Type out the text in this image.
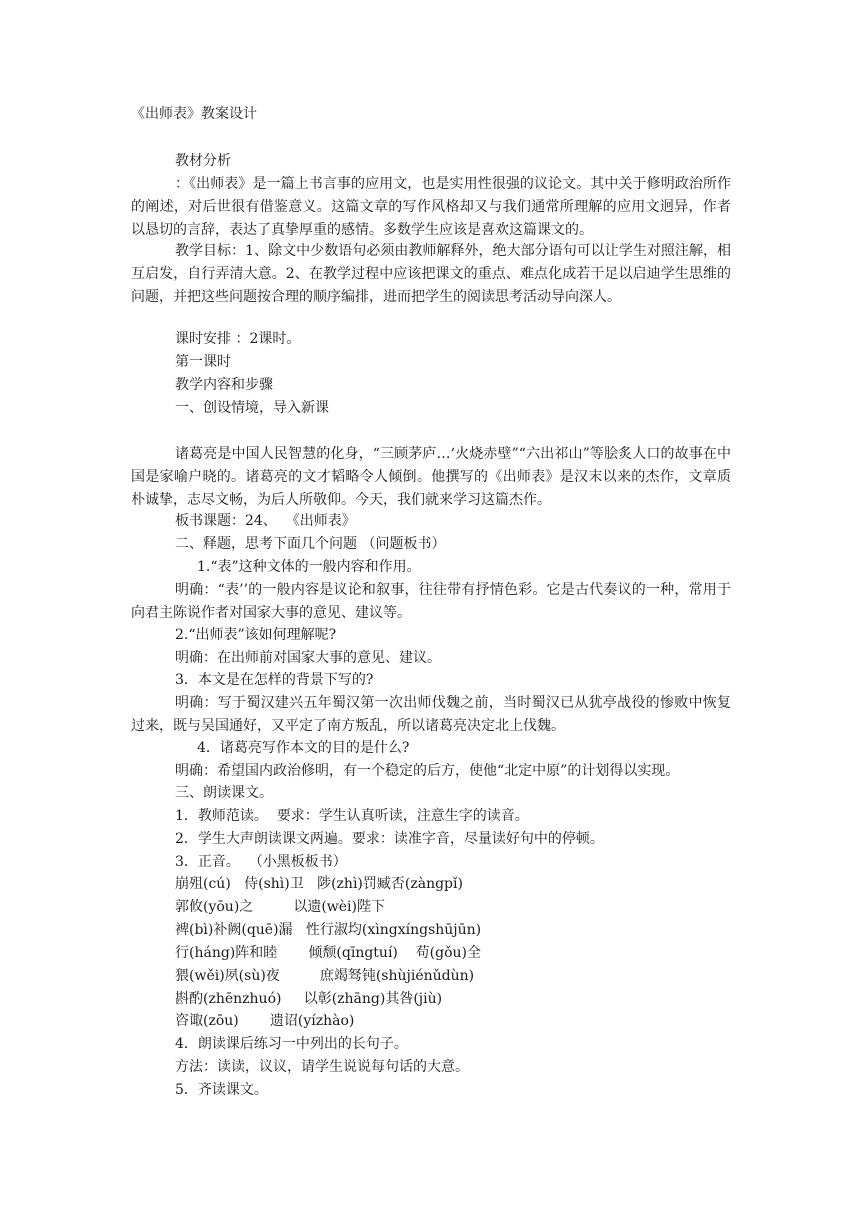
《出师表》教案设计
教材分析
：《出师表》是一篇上书言事的应用文，也是实用性很强的议论文。其中关于修明政治所作的阐述，对后世很有借鉴意义。这篇文章的写作风格却又与我们通常所理解的应用文迥异，作者以恳切的言辞，表达了真挚厚重的感情。多数学生应该是喜欢这篇课文的。
教学目标：1、除文中少数语句必须由教师解释外，绝大部分语句可以让学生对照注解，相互启发，自行弄清大意。2、在教学过程中应该把课文的重点、难点化成若干足以启迪学生思维的问题，并把这些问题按合理的顺序编排，进而把学生的阅读思考活动导向深人。
课时安排 ：2课时。
第一课时
教学内容和步骤
一、创设情境，导入新课
诸葛亮是中国人民智慧的化身，“三顾茅庐…‘火烧赤壁”“六出祁山”等脍炙人口的故事在中国是家喻户晓的。诸葛亮的文才韬略令人倾倒。他撰写的《出师表》是汉末以来的杰作，文章质朴诚挚，志尽文畅，为后人所敬仰。今天，我们就来学习这篇杰作。
板书课题：24、  《出师表》
二、释题，思考下面几个问题 （问题板书）
1.“表”这种文体的一般内容和作用。
明确：“表’’的一般内容是议论和叙事，往往带有抒情色彩。它是古代奏议的一种，常用于向君主陈说作者对国家大事的意见、建议等。
2.“出师表”该如何理解呢?
明确：在出师前对国家大事的意见、建议。
3．本文是在怎样的背景下写的?
明确：写于蜀汉建兴五年蜀汉第一次出师伐魏之前，当时蜀汉已从犹亭战役的惨败中恢复过来，既与吴国通好，又平定了南方叛乱，所以诸葛亮决定北上伐魏。
4．诸葛亮写作本文的目的是什么?
明确：希望国内政治修明，有一个稳定的后方，使他“北定中原”的计划得以实现。
三、朗读课文。
1．教师范读。  要求：学生认真听读，注意生字的读音。
2．学生大声朗读课文两遍。要求：读准字音，尽量读好句中的停顿。
3．正音。  （小黑板板书）
崩殂(cú)   侍(shì)卫   陟(zhì)罚臧否(zàngpǐ)
郭攸(yōu)之         以遗(wèi)陛下
裨(bì)补阙(quē)漏   性行淑均(xìngxíngshūjūn)
行(háng)阵和睦       倾颓(qīngtuí)    苟(gǒu)全
猥(wěi)夙(sù)夜         庶竭驽钝(shùjiénǔdùn)
斟酌(zhēnzhuó)     以彰(zhāng)其咎(jiù)
咨诹(zōu)       遗诏(yízhào)
4．朗读课后练习一中列出的长句子。
方法：读读，议议，请学生说说每句话的大意。
5．齐读课文。
